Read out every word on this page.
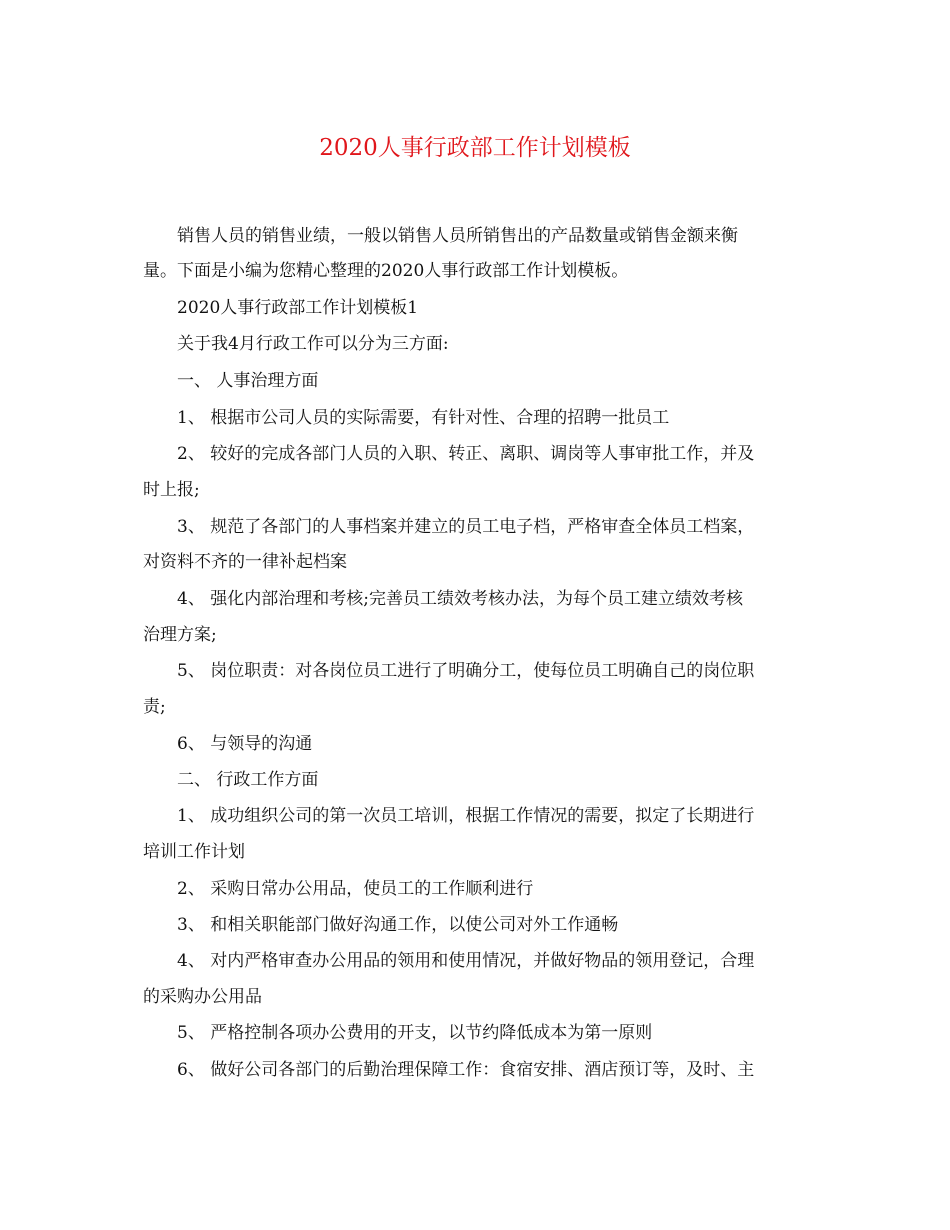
2020人事行政部工作计划模板
销售人员的销售业绩，一般以销售人员所销售出的产品数量或销售金额来衡
量。下面是小编为您精心整理的2020人事行政部工作计划模板。
2020人事行政部工作计划模板1
关于我4月行政工作可以分为三方面:
一、 人事治理方面
1、 根据市公司人员的实际需要，有针对性、合理的招聘一批员工
2、 较好的完成各部门人员的入职、转正、离职、调岗等人事审批工作，并及
时上报;
3、 规范了各部门的人事档案并建立的员工电子档，严格审查全体员工档案，
对资料不齐的一律补起档案
4、 强化内部治理和考核;完善员工绩效考核办法，为每个员工建立绩效考核
治理方案;
5、 岗位职责：对各岗位员工进行了明确分工，使每位员工明确自己的岗位职
责;
6、 与领导的沟通
二、 行政工作方面
1、 成功组织公司的第一次员工培训，根据工作情况的需要，拟定了长期进行
培训工作计划
2、 采购日常办公用品，使员工的工作顺利进行
3、 和相关职能部门做好沟通工作，以使公司对外工作通畅
4、 对内严格审查办公用品的领用和使用情况，并做好物品的领用登记，合理
的采购办公用品
5、 严格控制各项办公费用的开支，以节约降低成本为第一原则
6、 做好公司各部门的后勤治理保障工作：食宿安排、酒店预订等，及时、主
